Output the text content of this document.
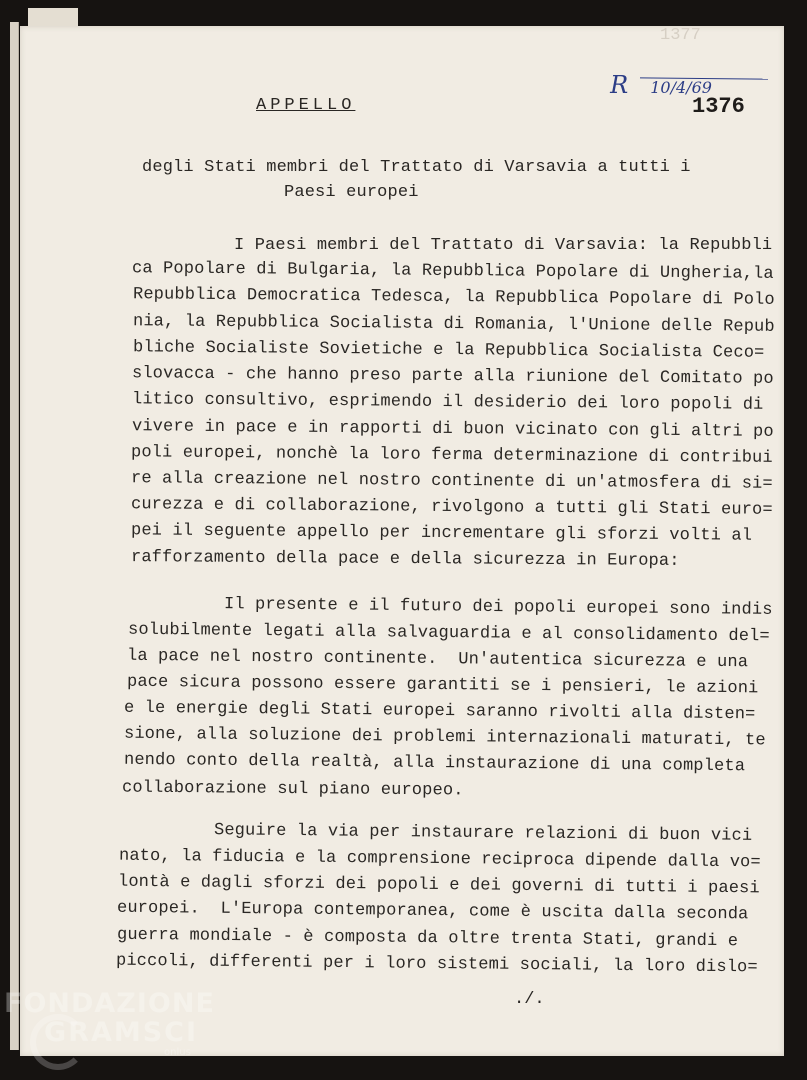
1377

R 10/4/69

APPELLO	1376
degli Stati membri del Trattato di Varsavia a tutti i
Paesi europei
I Paesi membri del Trattato di Varsavia: la Repubbli
ca Popolare di Bulgaria, la Repubblica Popolare di Ungheria,la
Repubblica Democratica Tedesca, la Repubblica Popolare di Polo
nia, la Repubblica Socialista di Romania, l'Unione delle Repub
bliche Socialiste Sovietiche e la Repubblica Socialista Ceco=
slovacca - che hanno preso parte alla riunione del Comitato po
litico consultivo, esprimendo il desiderio dei loro popoli di
vivere in pace e in rapporti di buon vicinato con gli altri po
poli europei, nonchè la loro ferma determinazione di contribui
re alla creazione nel nostro continente di un'atmosfera di si=
curezza e di collaborazione, rivolgono a tutti gli Stati euro=
pei il seguente appello per incrementare gli sforzi volti al
rafforzamento della pace e della sicurezza in Europa:
Il presente e il futuro dei popoli europei sono indis
solubilmente legati alla salvaguardia e al consolidamento del=
la pace nel nostro continente.  Un'autentica sicurezza e una
pace sicura possono essere garantiti se i pensieri, le azioni
e le energie degli Stati europei saranno rivolti alla disten=
sione, alla soluzione dei problemi internazionali maturati, te
nendo conto della realtà, alla instaurazione di una completa
collaborazione sul piano europeo.
Seguire la via per instaurare relazioni di buon vici
nato, la fiducia e la comprensione reciproca dipende dalla vo=
lontà e dagli sforzi dei popoli e dei governi di tutti i paesi
europei.  L'Europa contemporanea, come è uscita dalla seconda
guerra mondiale - è composta da oltre trenta Stati, grandi e
piccoli, differenti per i loro sistemi sociali, la loro dislo=
./.
FONDAZIONE
GRAMSCI
onlus
